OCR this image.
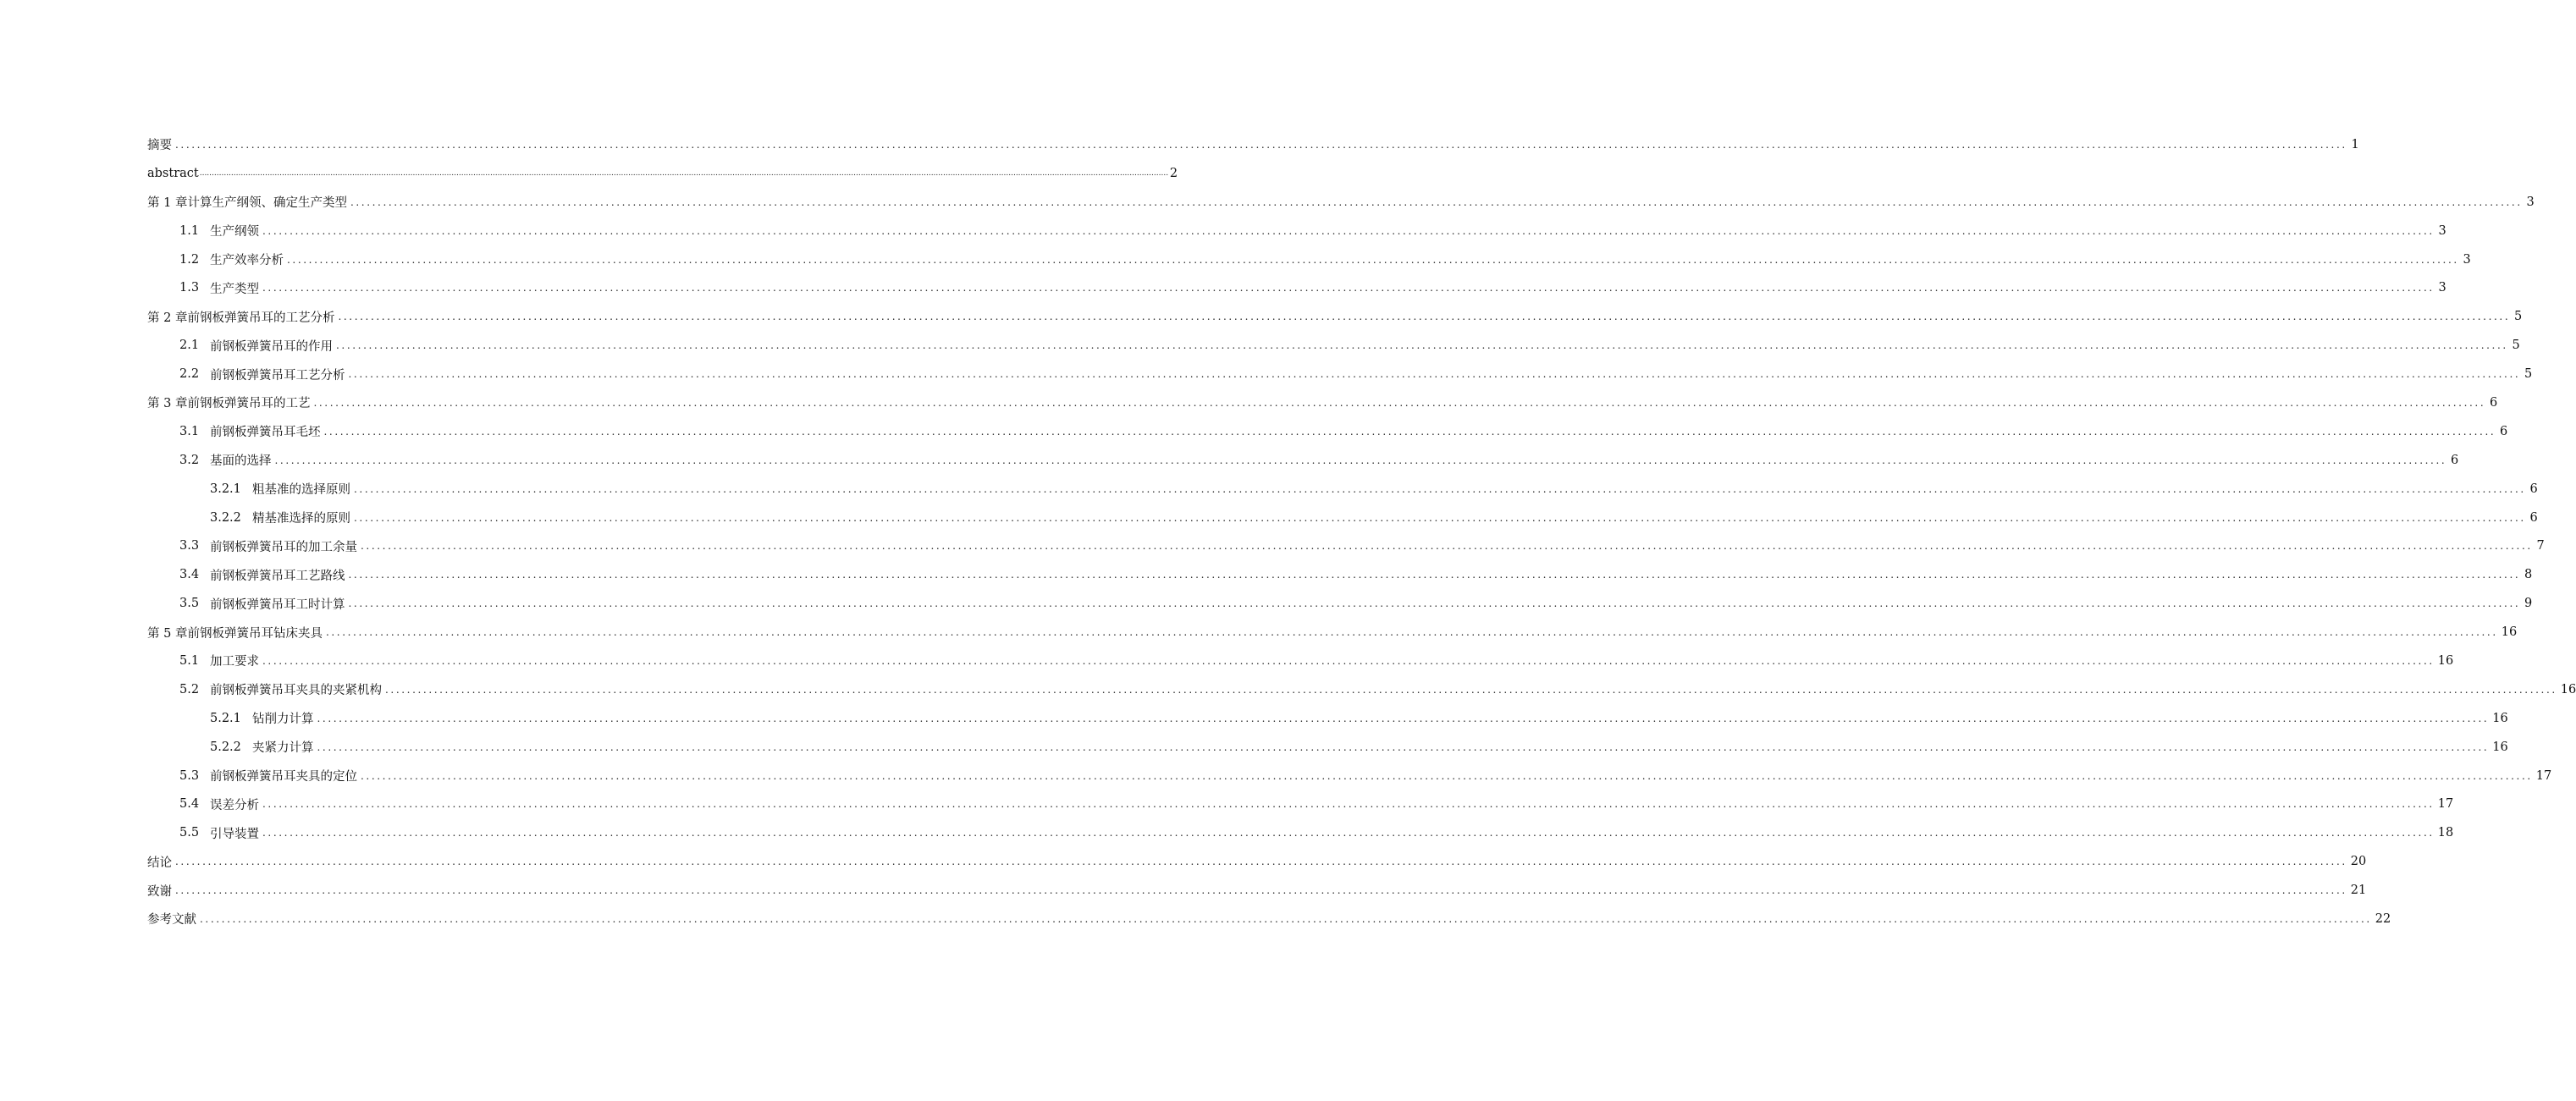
摘要 ................................................................................................................................................................................................................................................................................................................................................................................................................ 1
abstract ................................................................................................................................................................................................................................................................................................................................................................................................................ 2
第 1 章计算生产纲领、确定生产类型 ................................................................................................................................................................................................................................................................................................................................................................................................................ 3
1.1 生产纲领 ................................................................................................................................................................................................................................................................................................................................................................................................................ 3
1.2 生产效率分析 ................................................................................................................................................................................................................................................................................................................................................................................................................ 3
1.3 生产类型 ................................................................................................................................................................................................................................................................................................................................................................................................................ 3
第 2 章前钢板弹簧吊耳的工艺分析 ................................................................................................................................................................................................................................................................................................................................................................................................................ 5
2.1 前钢板弹簧吊耳的作用 ................................................................................................................................................................................................................................................................................................................................................................................................................ 5
2.2 前钢板弹簧吊耳工艺分析 ................................................................................................................................................................................................................................................................................................................................................................................................................ 5
第 3 章前钢板弹簧吊耳的工艺 ................................................................................................................................................................................................................................................................................................................................................................................................................ 6
3.1 前钢板弹簧吊耳毛坯 ................................................................................................................................................................................................................................................................................................................................................................................................................ 6
3.2 基面的选择 ................................................................................................................................................................................................................................................................................................................................................................................................................ 6
3.2.1 粗基准的选择原则 ................................................................................................................................................................................................................................................................................................................................................................................................................ 6
3.2.2 精基准选择的原则 ................................................................................................................................................................................................................................................................................................................................................................................................................ 6
3.3 前钢板弹簧吊耳的加工余量 ................................................................................................................................................................................................................................................................................................................................................................................................................ 7
3.4 前钢板弹簧吊耳工艺路线 ................................................................................................................................................................................................................................................................................................................................................................................................................ 8
3.5 前钢板弹簧吊耳工时计算 ................................................................................................................................................................................................................................................................................................................................................................................................................ 9
第 5 章前钢板弹簧吊耳钻床夹具 ................................................................................................................................................................................................................................................................................................................................................................................................................ 16
5.1 加工要求 ................................................................................................................................................................................................................................................................................................................................................................................................................ 16
5.2 前钢板弹簧吊耳夹具的夹紧机构 ................................................................................................................................................................................................................................................................................................................................................................................................................ 16
5.2.1 钻削力计算 ................................................................................................................................................................................................................................................................................................................................................................................................................ 16
5.2.2 夹紧力计算 ................................................................................................................................................................................................................................................................................................................................................................................................................ 16
5.3 前钢板弹簧吊耳夹具的定位 ................................................................................................................................................................................................................................................................................................................................................................................................................ 17
5.4 误差分析 ................................................................................................................................................................................................................................................................................................................................................................................................................ 17
5.5 引导装置 ................................................................................................................................................................................................................................................................................................................................................................................................................ 18
结论 ................................................................................................................................................................................................................................................................................................................................................................................................................ 20
致谢 ................................................................................................................................................................................................................................................................................................................................................................................................................ 21
参考文献 ................................................................................................................................................................................................................................................................................................................................................................................................................ 22
